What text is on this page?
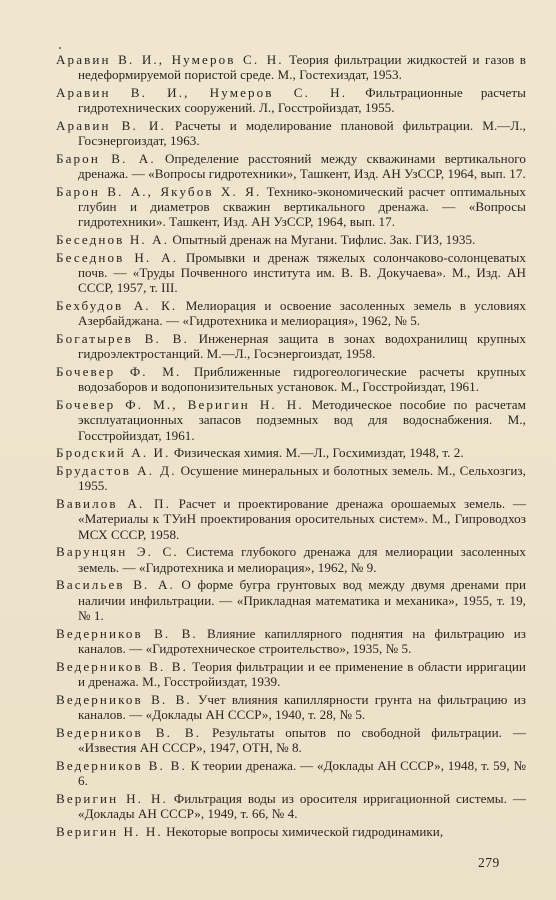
Аравин В. И., Нумеров С. Н. Теория фильтрации жидкостей и газов в недеформируемой пористой среде. М., Гостехиздат, 1953.
Аравин В. И., Нумеров С. Н. Фильтрационные расчеты гидротехнических сооружений. Л., Госстройиздат, 1955.
Аравин В. И. Расчеты и моделирование плановой фильтрации. М.—Л., Госэнергоиздат, 1963.
Барон В. А. Определение расстояний между скважинами вертикального дренажа. — «Вопросы гидротехники», Ташкент, Изд. АН УзССР, 1964, вып. 17.
Барон В. А., Якубов Х. Я. Технико-экономический расчет оптимальных глубин и диаметров скважин вертикального дренажа. — «Вопросы гидротехники». Ташкент, Изд. АН УзССР, 1964, вып. 17.
Беседнов Н. А. Опытный дренаж на Мугани. Тифлис. Зак. ГИЗ, 1935.
Беседнов Н. А. Промывки и дренаж тяжелых солончаково-солонцеватых почв. — «Труды Почвенного института им. В. В. Докучаева». М., Изд. АН СССР, 1957, т. III.
Бехбудов А. К. Мелиорация и освоение засоленных земель в условиях Азербайджана. — «Гидротехника и мелиорация», 1962, № 5.
Богатырев В. В. Инженерная защита в зонах водохранилищ крупных гидроэлектростанций. М.—Л., Госэнергоиздат, 1958.
Бочевер Ф. М. Приближенные гидрогеологические расчеты крупных водозаборов и водопонизительных установок. М., Госстройиздат, 1961.
Бочевер Ф. М., Веригин Н. Н. Методическое пособие по расчетам эксплуатационных запасов подземных вод для водоснабжения. М., Госстройиздат, 1961.
Бродский А. И. Физическая химия. М.—Л., Госхимиздат, 1948, т. 2.
Брудастов А. Д. Осушение минеральных и болотных земель. М., Сельхозгиз, 1955.
Вавилов А. П. Расчет и проектирование дренажа орошаемых земель. — «Материалы к ТУиН проектирования оросительных систем». М., Гипроводхоз МСХ СССР, 1958.
Варунцян Э. С. Система глубокого дренажа для мелиорации засоленных земель. — «Гидротехника и мелиорация», 1962, № 9.
Васильев В. А. О форме бугра грунтовых вод между двумя дренами при наличии инфильтрации. — «Прикладная математика и механика», 1955, т. 19, № 1.
Ведерников В. В. Влияние капиллярного поднятия на фильтрацию из каналов. — «Гидротехническое строительство», 1935, № 5.
Ведерников В. В. Теория фильтрации и ее применение в области ирригации и дренажа. М., Госстройиздат, 1939.
Ведерников В. В. Учет влияния капиллярности грунта на фильтрацию из каналов. — «Доклады АН СССР», 1940, т. 28, № 5.
Ведерников В. В. Результаты опытов по свободной фильтрации. — «Известия АН СССР», 1947, ОТН, № 8.
Ведерников В. В. К теории дренажа. — «Доклады АН СССР», 1948, т. 59, № 6.
Веригин Н. Н. Фильтрация воды из оросителя ирригационной системы. — «Доклады АН СССР», 1949, т. 66, № 4.
Веригин Н. Н. Некоторые вопросы химической гидродинамики,
279
